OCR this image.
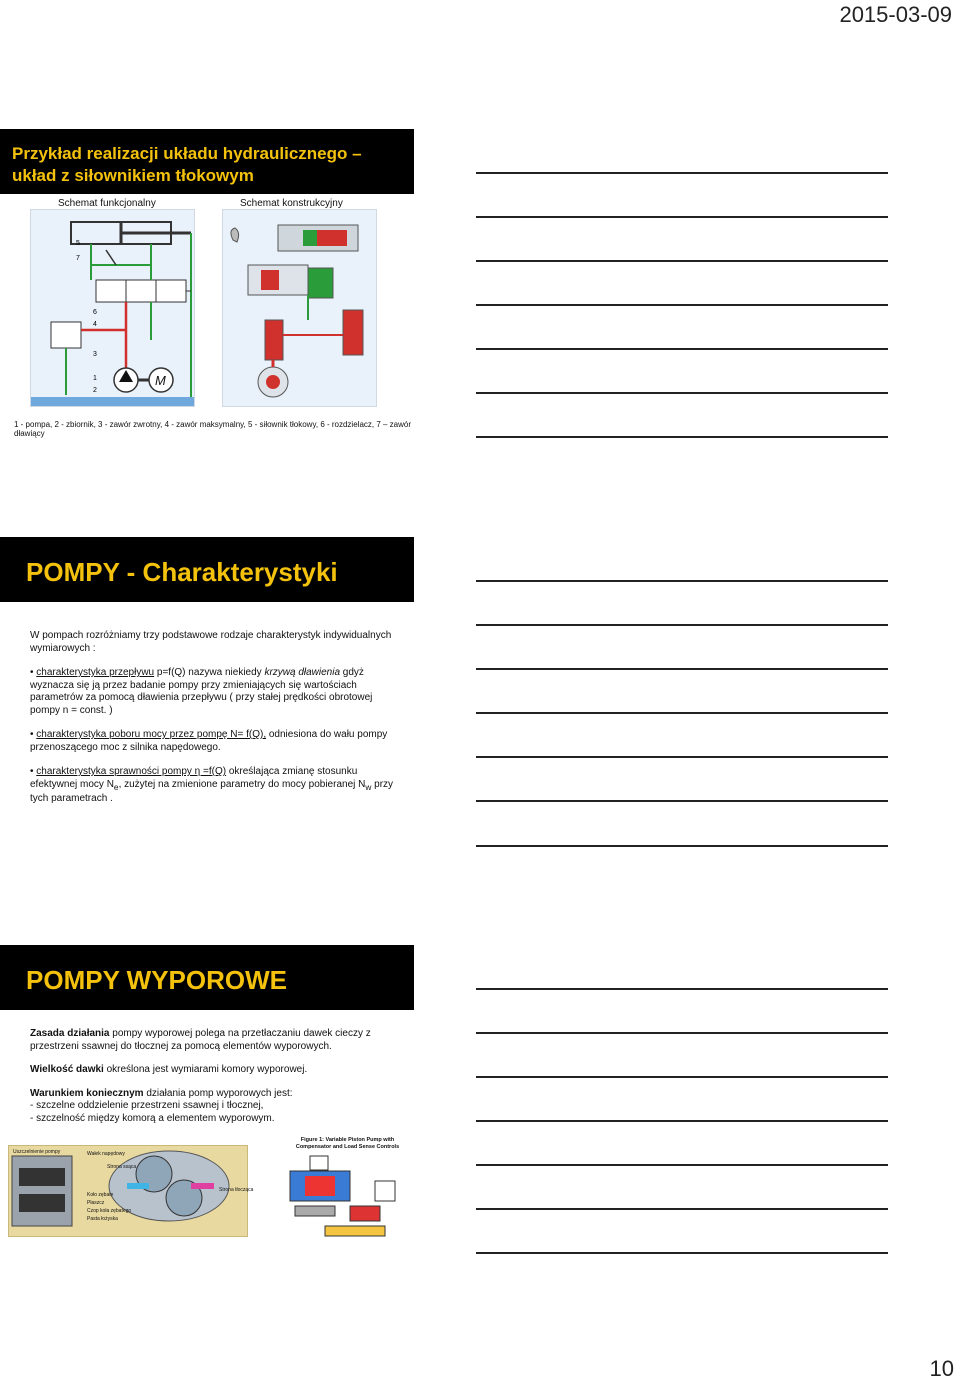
2015-03-09
Przykład realizacji układu hydraulicznego –
układ z siłownikiem tłokowym
Schemat funkcjonalny	Schemat konstrukcyjny
M
5
7
6
4
3
1
2
1 - pompa, 2 - zbiornik, 3 - zawór zwrotny, 4 - zawór maksymalny, 5 - siłownik tłokowy, 6 - rozdzielacz, 7 – zawór dławiący
POMPY - Charakterystyki

W pompach rozróżniamy trzy podstawowe rodzaje charakterystyk indywidualnych wymiarowych :

• charakterystyka przepływu p=f(Q) nazywa niekiedy krzywą dławienia gdyż wyznacza się ją przez badanie pompy przy zmieniających się wartościach parametrów za pomocą dławienia przepływu ( przy stałej prędkości obrotowej pompy n = const. )

• charakterystyka poboru mocy przez pompę N= f(Q), odniesiona do wału pompy przenoszącego moc z silnika napędowego.

• charakterystyka sprawności pompy η =f(Q) określająca zmianę stosunku efektywnej mocy $N_e$, zużytej na zmienione parametry do mocy pobieranej $N_w$ przy tych parametrach .

POMPY WYPOROWE

Zasada działania pompy wyporowej polega na przetłaczaniu dawek cieczy z przestrzeni ssawnej do tłocznej za pomocą elementów wyporowych.

Wielkość dawki określona jest wymiarami komory wyporowej.

Warunkiem koniecznym działania pomp wyporowych jest:

- szczelne oddzielenie przestrzeni ssawnej i tłocznej,
- szczelność między komorą a elementem wyporowym.
Uszczelnienie pompy	Wałek napędowy
Strona ssąca
Koło zębate
Strona tłocząca
Płaszcz
Czop koła zębatego
Pasta łożyska
Figure 1: Variable Piston Pump with
Compensator and Load Sense Controls
10
